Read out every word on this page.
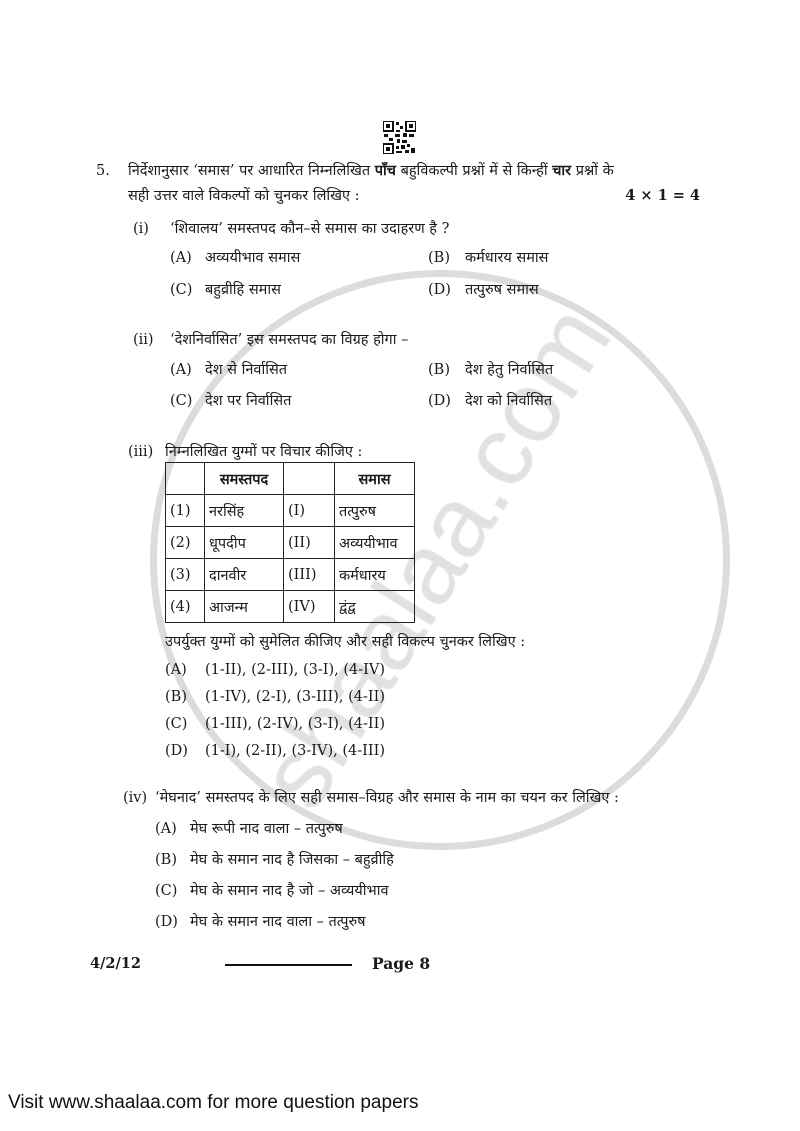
5. निर्देशानुसार ‘समास’ पर आधारित निम्नलिखित पाँच बहुविकल्पी प्रश्नों में से किन्हीं चार प्रश्नों के
सही उत्तर वाले विकल्पों को चुनकर लिखिए :	4 × 1 = 4
(i) ‘शिवालय’ समस्तपद कौन–से समास का उदाहरण है ?
(A) अव्ययीभाव समास	(B) कर्मधारय समास
(C) बहुव्रीहि समास	(D) तत्पुरुष समास
(ii) ‘देशनिर्वासित’ इस समस्तपद का विग्रह होगा –
(A) देश से निर्वासित	(B) देश हेतु निर्वासित
(C) देश पर निर्वासित	(D) देश को निर्वासित
(iii) निम्नलिखित युग्मों पर विचार कीजिए :
	समस्तपद		समास
(1)	नरसिंह	(I)	तत्पुरुष
(2)	धूपदीप	(II)	अव्ययीभाव
(3)	दानवीर	(III)	कर्मधारय
(4)	आजन्म	(IV)	द्वंद्व
उपर्युक्त युग्मों को सुमेलित कीजिए और सही विकल्प चुनकर लिखिए :
(A) (1-II), (2-III), (3-I), (4-IV)
(B) (1-IV), (2-I), (3-III), (4-II)
(C) (1-III), (2-IV), (3-I), (4-II)
(D) (1-I), (2-II), (3-IV), (4-III)
(iv) ‘मेघनाद’ समस्तपद के लिए सही समास–विग्रह और समास के नाम का चयन कर लिखिए :
(A) मेघ रूपी नाद वाला – तत्पुरुष
(B) मेघ के समान नाद है जिसका – बहुव्रीहि
(C) मेघ के समान नाद है जो – अव्ययीभाव
(D) मेघ के समान नाद वाला – तत्पुरुष
4/2/12	Page 8
Visit www.shaalaa.com for more question papers
